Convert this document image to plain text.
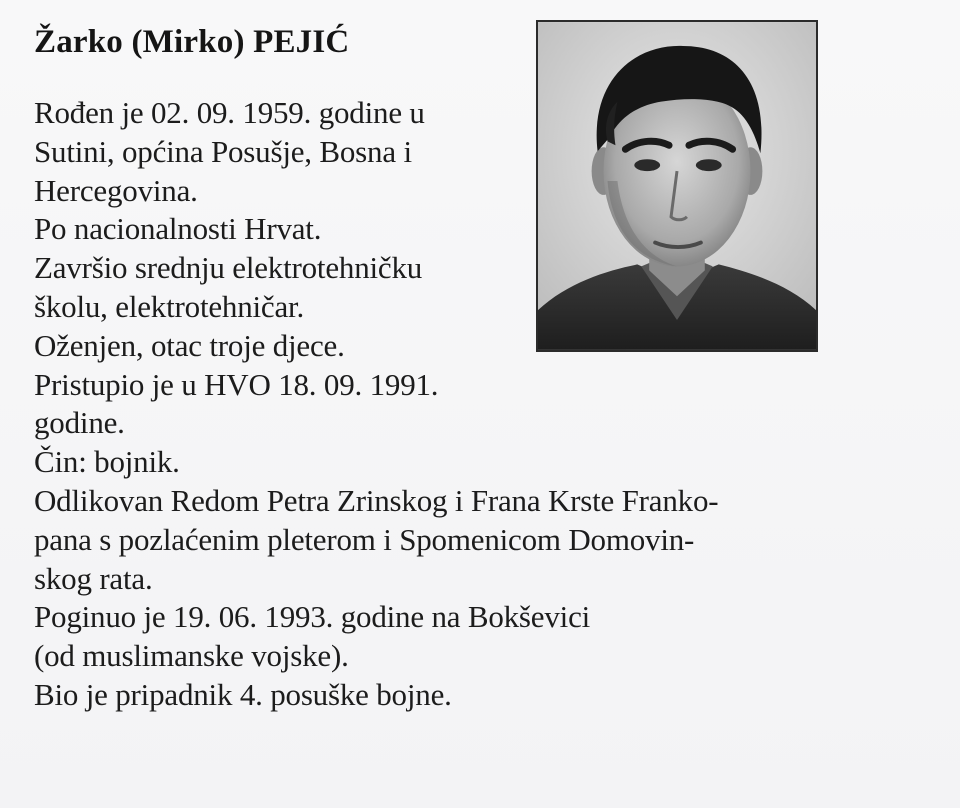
Žarko (Mirko) PEJIĆ
Rođen je 02. 09. 1959. godine u
Sutini, općina Posušje, Bosna i
Hercegovina.
Po nacionalnosti Hrvat.
Završio srednju elektrotehničku
školu, elektrotehničar.
Oženjen, otac troje djece.
Pristupio je u HVO 18. 09. 1991.
godine.
Čin: bojnik.
Odlikovan Redom Petra Zrinskog i Frana Krste Franko-
pana s pozlaćenim pleterom i Spomenicom Domovin-
skog rata.
Poginuo je 19. 06. 1993. godine na Bokševici
(od muslimanske vojske).
Bio je pripadnik 4. posuške bojne.
